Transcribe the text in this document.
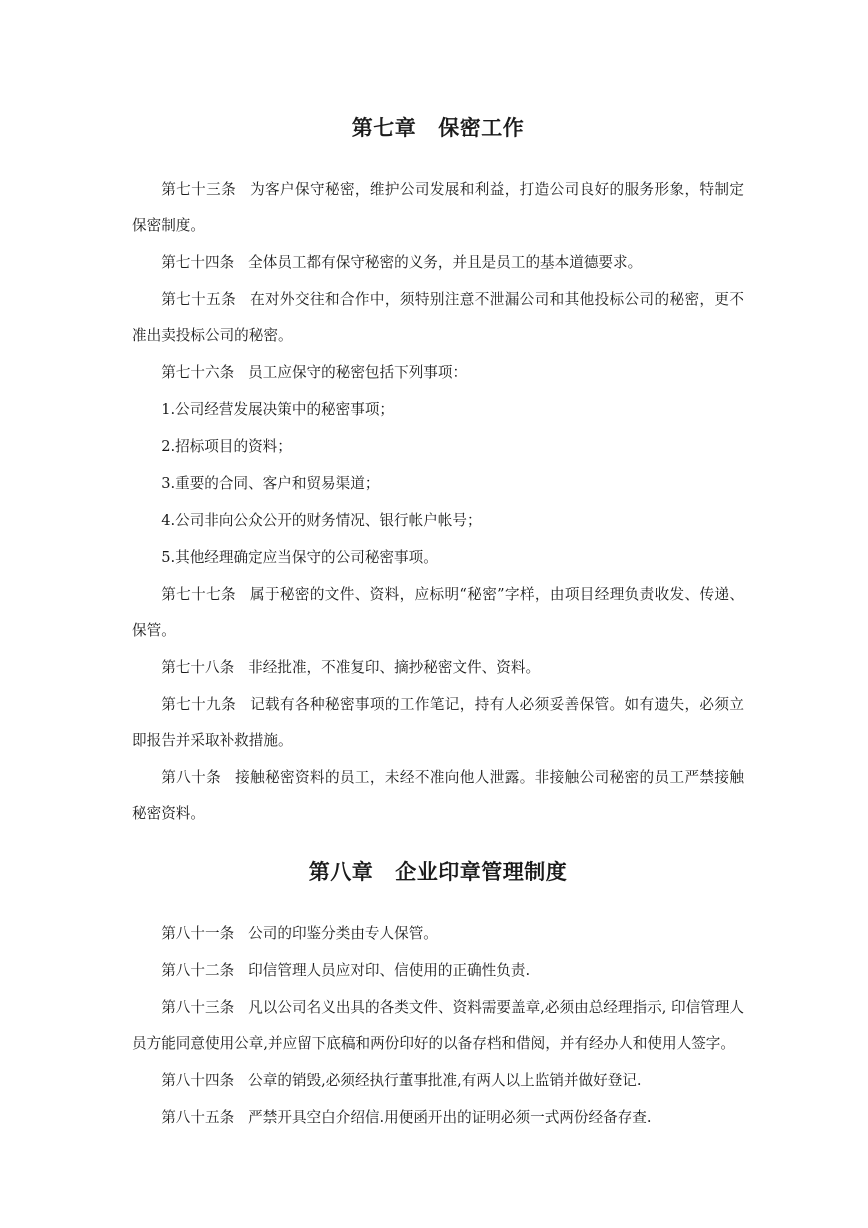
第七章 保密工作

第七十三条 为客户保守秘密，维护公司发展和利益，打造公司良好的服务形象，特制定保密制度。

第七十四条 全体员工都有保守秘密的义务，并且是员工的基本道德要求。

第七十五条 在对外交往和合作中，须特别注意不泄漏公司和其他投标公司的秘密，更不准出卖投标公司的秘密。

第七十六条 员工应保守的秘密包括下列事项：

1.公司经营发展决策中的秘密事项；

2.招标项目的资料；

3.重要的合同、客户和贸易渠道；

4.公司非向公众公开的财务情况、银行帐户帐号；

5.其他经理确定应当保守的公司秘密事项。

第七十七条 属于秘密的文件、资料，应标明“秘密”字样，由项目经理负责收发、传递、保管。

第七十八条 非经批准，不准复印、摘抄秘密文件、资料。

第七十九条 记载有各种秘密事项的工作笔记，持有人必须妥善保管。如有遗失，必须立即报告并采取补救措施。

第八十条 接触秘密资料的员工，未经不准向他人泄露。非接触公司秘密的员工严禁接触秘密资料。

第八章 企业印章管理制度

第八十一条 公司的印鉴分类由专人保管。

第八十二条 印信管理人员应对印、信使用的正确性负责.

第八十三条 凡以公司名义出具的各类文件、资料需要盖章,必须由总经理指示, 印信管理人员方能同意使用公章,并应留下底稿和两份印好的以备存档和借阅，并有经办人和使用人签字。

第八十四条 公章的销毁,必须经执行董事批准,有两人以上监销并做好登记.

第八十五条 严禁开具空白介绍信.用便函开出的证明必须一式两份经备存查.
